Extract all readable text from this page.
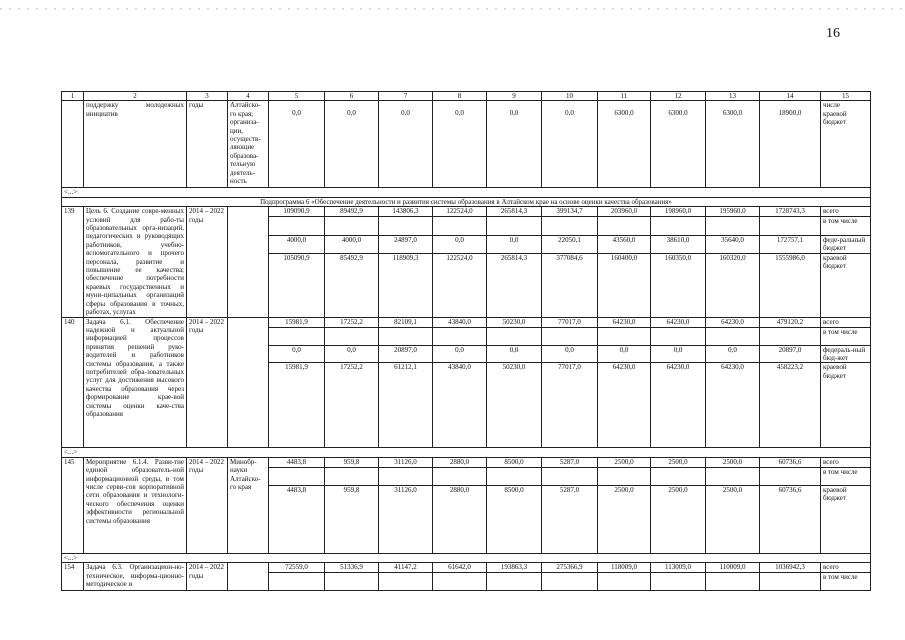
16
1	2	3	4	5	6	7	8	9	10	11	12	13	14	15
	поддержку молодежных инициатив	годы	Алтайско-го края; организа-ции, осуществ-ляющие образова-тельную деятель-ность	0,0	0,0	0,0	0,0	0,0	0,0	6300,0	6300,0	6300,0	18900,0	числе
краевой бюджет

<...>														
Подпрограмма 6 «Обеспечение деятельности и развития системы образования в Алтайском крае на основе оценки качества образования»														
139	Цель 6. Создание совре-менных условий для рабо-ты образовательных орга-низаций, педагогических и руководящих работников, учебно-вспомогательного и прочего персонала, развитие и повышение ее качества; обеспечение потребности краевых государственных и муни-ципальных организаций сферы образования в точных, работах, услугах	2014 – 2022 годы		109090,9	89492,9	143806,3	122524,0	265814,3	399134,7	203960,0	198960,0	195960,0	1728743,3	всего
														в том числе
				4000,0	4000,0	24897,0	0,0	0,0	22050,1	43560,0	38610,0	35640,0	172757,1	феде-ральный бюджет
				105090,9	85492,9	118909,3	122524,0	265814,3	377084,6	160400,0	160350,0	160320,0	1555986,0	краевой бюджет
140	Задача 6.1. Обеспечение надежной и актуальной информацией процессов принятия решений руко-водителей и работников системы образования, а также потребителей обра-зовательных услуг для достижения высокого качества образования через формирование крае-вой системы оценки каче-ства образования	2014 – 2022 годы		15981,9	17252,2	82109,1	43840,0	50230,0	77017,0	64230,0	64230,0	64230,0	479120,2	всего
														в том числе
				0,0	0,0	20897,0	0,0	0,0	0,0	0,0	0,0	0,0	20897,0	федераль-ный бюд-жет
				15981,9	17252,2	61212,1	43840,0	50230,0	77017,0	64230,0	64230,0	64230,0	458223,2	краевой бюджет
<...>														
145	Мероприятие 6.1.4. Разви-тие единой образователь-ной информационной среды, в том числе серви-сов корпоративной сети образования и технологи-ческого обеспечения оценки эффективности региональной системы образования	2014 – 2022 годы	Минобр-науки Алтайско-го края	4483,8	959,8	31126,0	2880,0	8500,0	5287,0	2500,0	2500,0	2500,0	60736,6	всего
														в том числе
				4483,8	959,8	31126,0	2880,0	8500,0	5287,0	2500,0	2500,0	2500,0	60736,6	краевой бюджет
<...>														
154	Задача 6.3. Организацион-но-техническое, информа-ционно-методическое и	2014 – 2022 годы		72559,0	51336,9	41147,2	61642,0	193863,3	275366,9	118009,0	113009,0	110009,0	1036942,3	всего
														в том числе
